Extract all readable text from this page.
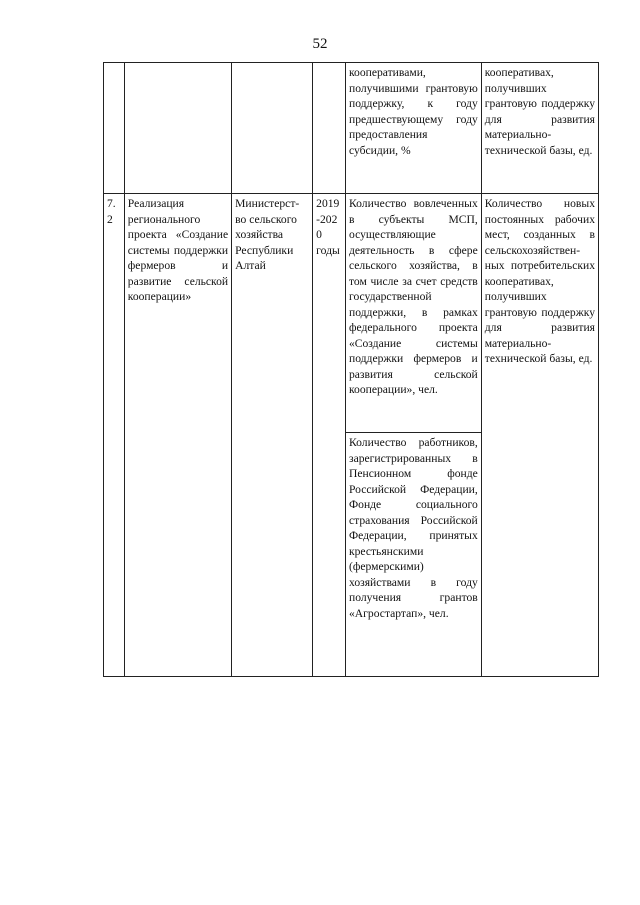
52
				кооперативами, получившими грантовую поддержку, к году предшествующему году предоставления субсидии, %	кооперативах, получивших грантовую поддержку для развития материально-технической базы, ед.
7.2	Реализация регионального проекта «Создание системы поддержки фермеров и развитие сельской кооперации»	Министерст-во сельского хозяйства Республики Алтай	2019 -2020 годы	Количество вовлеченных в субъекты МСП, осуществляющие деятельность в сфере сельского хозяйства, в том числе за счет средств государственной поддержки, в рамках федерального проекта «Создание системы поддержки фермеров и развития сельской кооперации», чел.	Количество новых постоянных рабочих мест, созданных в сельскохозяйствен-ных потребительских кооперативах, получивших грантовую поддержку для развития материально-технической базы, ед.
				Количество работников, зарегистрированных в Пенсионном фонде Российской Федерации, Фонде социального страхования Российской Федерации, принятых крестьянскими (фермерскими) хозяйствами в году получения грантов «Агростартап», чел.	
